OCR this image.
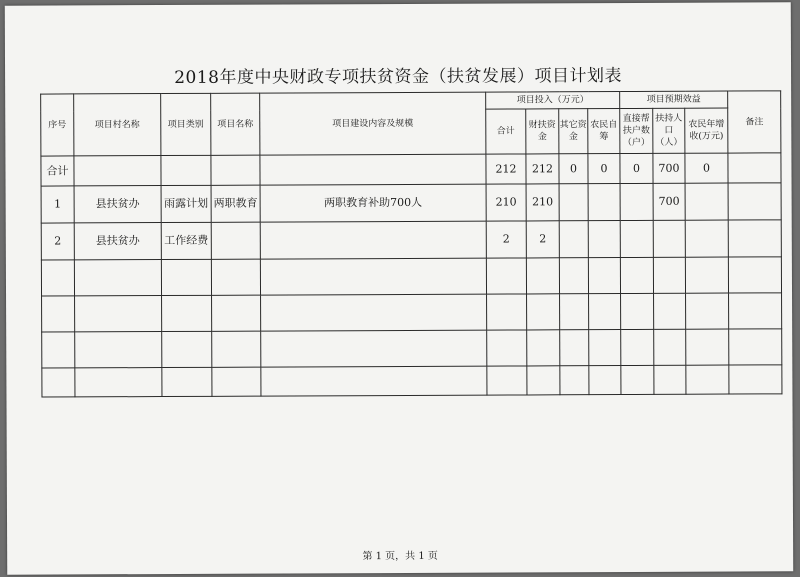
2018年度中央财政专项扶贫资金（扶贫发展）项目计划表
序号	项目村名称	项目类别	项目名称	项目建设内容及规模	项目投入（万元）				项目预期效益			备注
					合计	财扶资金	其它资金	农民自筹	直接帮扶户数（户）	扶持人口（人）	农民年增收(万元)	
合计					212	212	0	0	0	700	0	
1	县扶贫办	雨露计划	两职教育	两职教育补助700人	210	210				700		
2	县扶贫办	工作经费			2	2						

第 1 页，共 1 页
